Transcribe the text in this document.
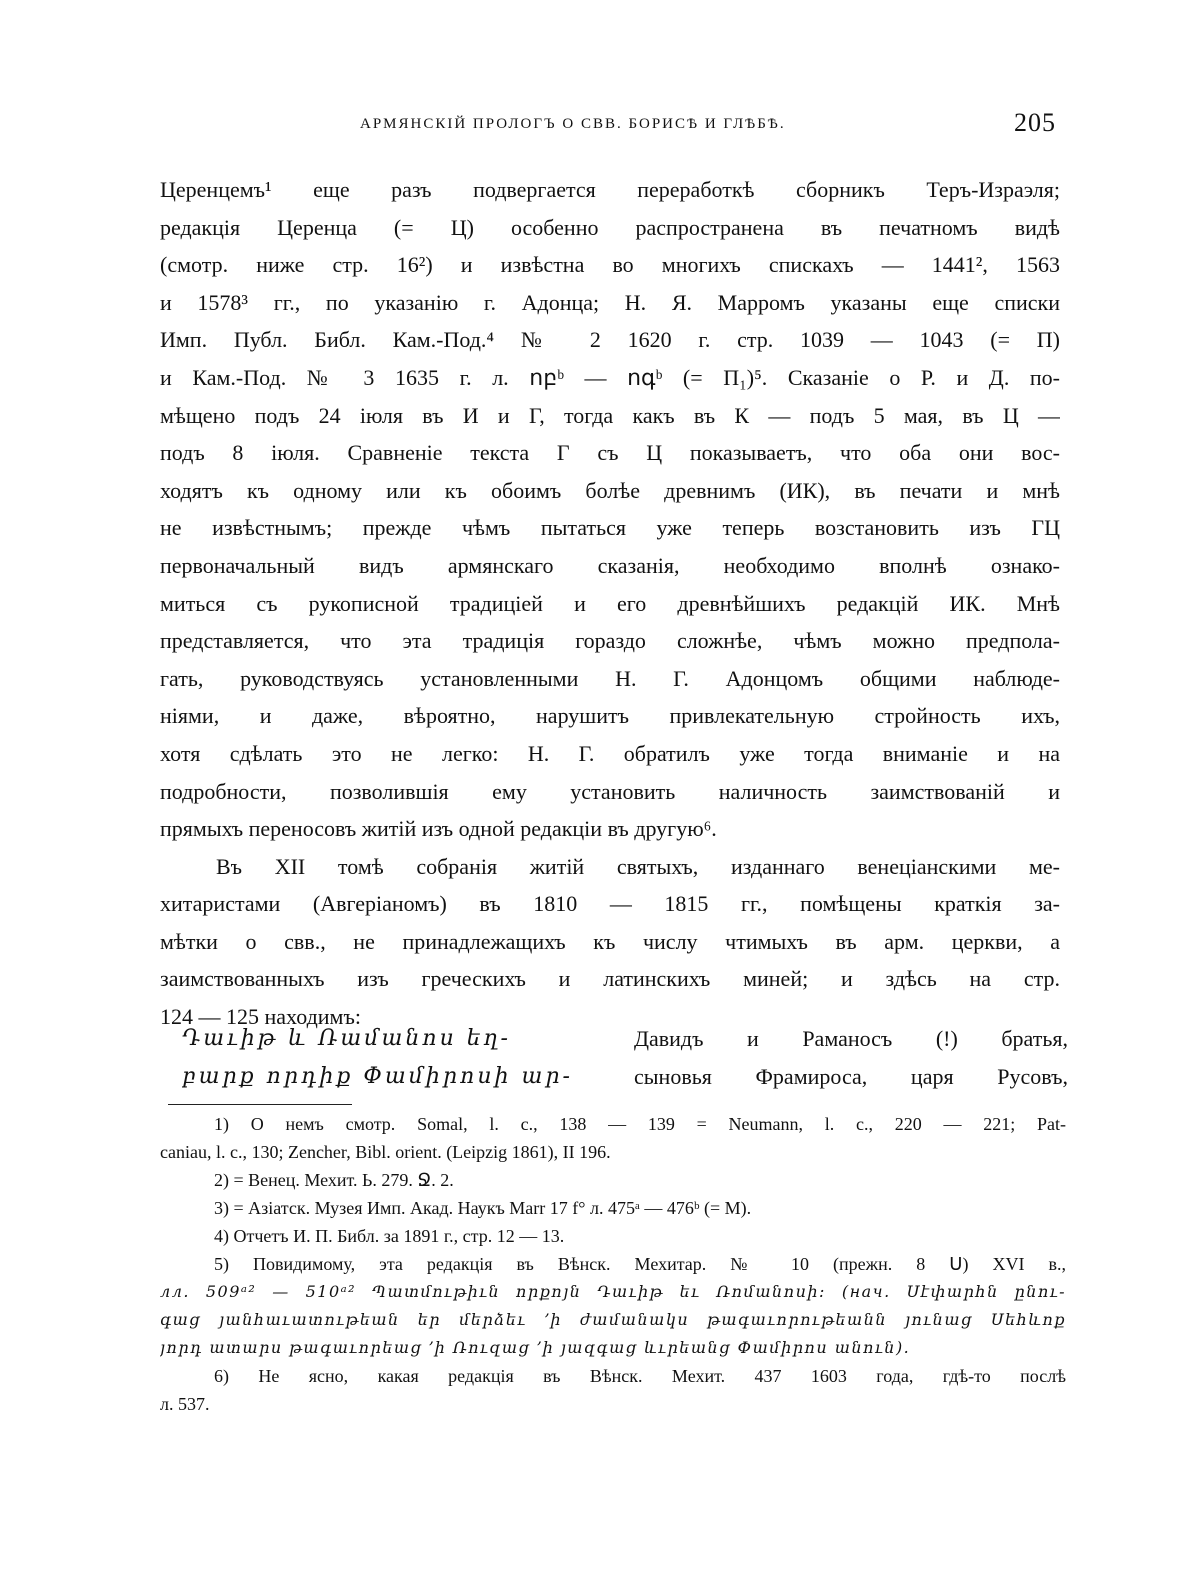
АРМЯНСКІЙ ПРОЛОГЪ О СВВ. БОРИСѢ И ГЛѢБѢ.	205
Церенцемъ¹ еще разъ подвергается переработкѣ сборникъ Теръ-Израэля;
редакція Церенца (= Ц) особенно распространена въ печатномъ видѣ
(смотр. ниже стр. 16²) и извѣстна во многихъ спискахъ — 1441², 1563
и 1578³ гг., по указанію г. Адонца; Н. Я. Марромъ указаны еще списки
Имп. Публ. Библ. Кам.-Под.⁴ № 2 1620 г. стр. 1039 — 1043 (= П)
и Кам.-Под. № 3 1635 г. л. ոբᵇ — ոգᵇ (= П₁)⁵. Сказаніе о Р. и Д. по-
мѣщено подъ 24 іюля въ И и Г, тогда какъ въ К — подъ 5 мая, въ Ц —
подъ 8 іюля. Сравненіе текста Г съ Ц показываетъ, что оба они вос-
ходятъ къ одному или къ обоимъ болѣе древнимъ (ИК), въ печати и мнѣ
не извѣстнымъ; прежде чѣмъ пытаться уже теперь возстановить изъ ГЦ
первоначальный видъ армянскаго сказанія, необходимо вполнѣ ознако-
миться съ рукописной традиціей и его древнѣйшихъ редакцій ИК. Мнѣ
представляется, что эта традиція гораздо сложнѣе, чѣмъ можно предпола-
гать, руководствуясь установленными Н. Г. Адонцомъ общими наблюде-
ніями, и даже, вѣроятно, нарушитъ привлекательную стройность ихъ,
хотя сдѣлать это не легко: Н. Г. обратилъ уже тогда вниманіе и на
подробности, позволившія ему установить наличность заимствованій и
прямыхъ переносовъ житій изъ одной редакціи въ другую⁶.
Въ XII томѣ собранія житій святыхъ, изданнаго венеціанскими ме-
хитаристами (Авгеріаномъ) въ 1810 — 1815 гг., помѣщены краткія за-
мѣтки о свв., не принадлежащихъ къ числу чтимыхъ въ арм. церкви, а
заимствованныхъ изъ греческихъ и латинскихъ миней; и здѣсь на стр.
124 — 125 находимъ:
Դաւիթ և Ռամանոս եղ-
բարք որդիք Փամիրոսի ար-
Давидъ и Раманосъ (!) братья,
сыновья Фрамироса, царя Русовъ,
1) О немъ смотр. Somal, l. c., 138 — 139 = Neumann, l. c., 220 — 221; Pat-
caniau, l. c., 130; Zencher, Bibl. orient. (Leipzig 1861), II 196.
2) = Венец. Мехит. Ь. 279. Ջ. 2.
3) = Азіатск. Музея Имп. Акад. Наукъ Marr 17 f° л. 475ᵃ — 476ᵇ (= М).
4) Отчетъ И. П. Библ. за 1891 г., стр. 12 — 13.
5) Повидимому, эта редакція въ Вѣнск. Мехитар. № 10 (прежн. 8 Ս) XVI в.,
лл. 509ᵃ² — 510ᵃ² Պատմութիւն որքոյն Դաւիթ եւ Ռոմանոսի: (нач. Սէփարհն ընու-
գաց յանհաւատութեան եր մերձեւ ՚ի ժամանակս թագաւորութեանն յունաց Սեհևոք
յորդ ատարս թագաւորեաց ՚ի Ռուզաց ՚ի յազգաց ևւրեանց Փամիրոս անուն).
6) Не ясно, какая редакція въ Вѣнск. Мехит. 437 1603 года, гдѣ-то послѣ
л. 537.
